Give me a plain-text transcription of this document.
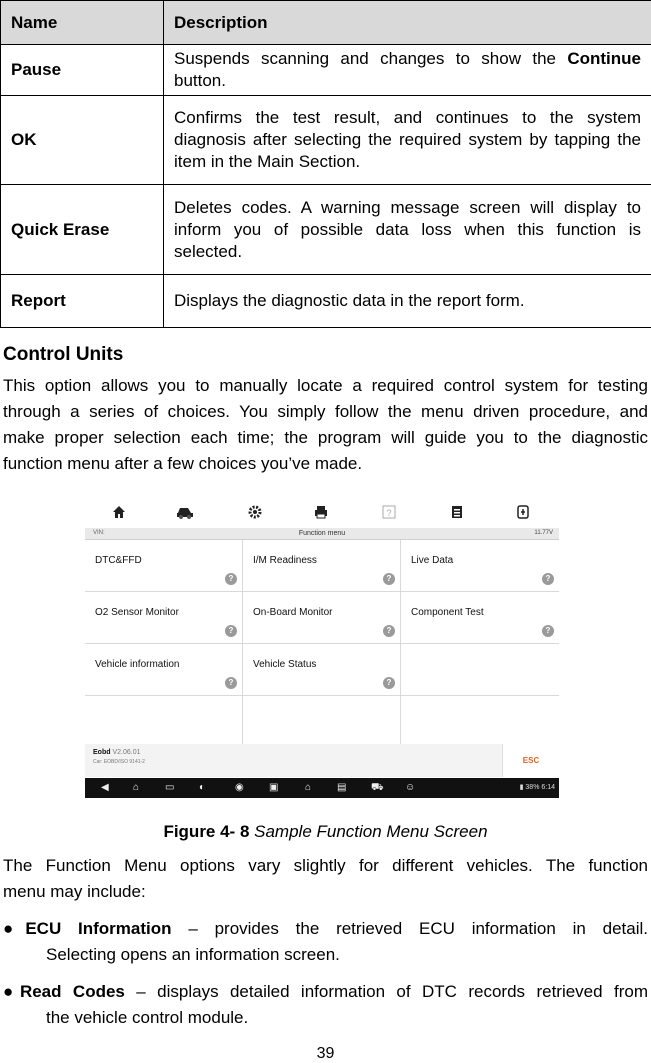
Name	Description
Pause	Suspends scanning and changes to show the Continue button.
OK	Confirms the test result, and continues to the system diagnosis after selecting the required system by tapping the item in the Main Section.
Quick Erase	Deletes codes. A warning message screen will display to inform you of possible data loss when this function is selected.
Report	Displays the diagnostic data in the report form.
Control Units
This option allows you to manually locate a required control system for testing
through a series of choices. You simply follow the menu driven procedure, and
make proper selection each time; the program will guide you to the diagnostic
function menu after a few choices you’ve made.
?
VIN:	Function menu	11.77V
DTC&FFD
?
I/M Readiness
?
Live Data
?
O2 Sensor Monitor
?
On-Board Monitor
?
Component Test
?
Vehicle information
?
Vehicle Status
?
Eobd V2.06.01
Car: EOBD/ISO 9141-2	ESC
◀ ⌂	▭ ◐	◉	▣	⌂	▤ ⛟ ☺	▮ 38% 6:14
Figure 4- 8 Sample Function Menu Screen
The Function Menu options vary slightly for different vehicles. The function
menu may include:
●ECU Information – provides the retrieved ECU information in detail.
Selecting opens an information screen.
●Read Codes – displays detailed information of DTC records retrieved from
the vehicle control module.
39
